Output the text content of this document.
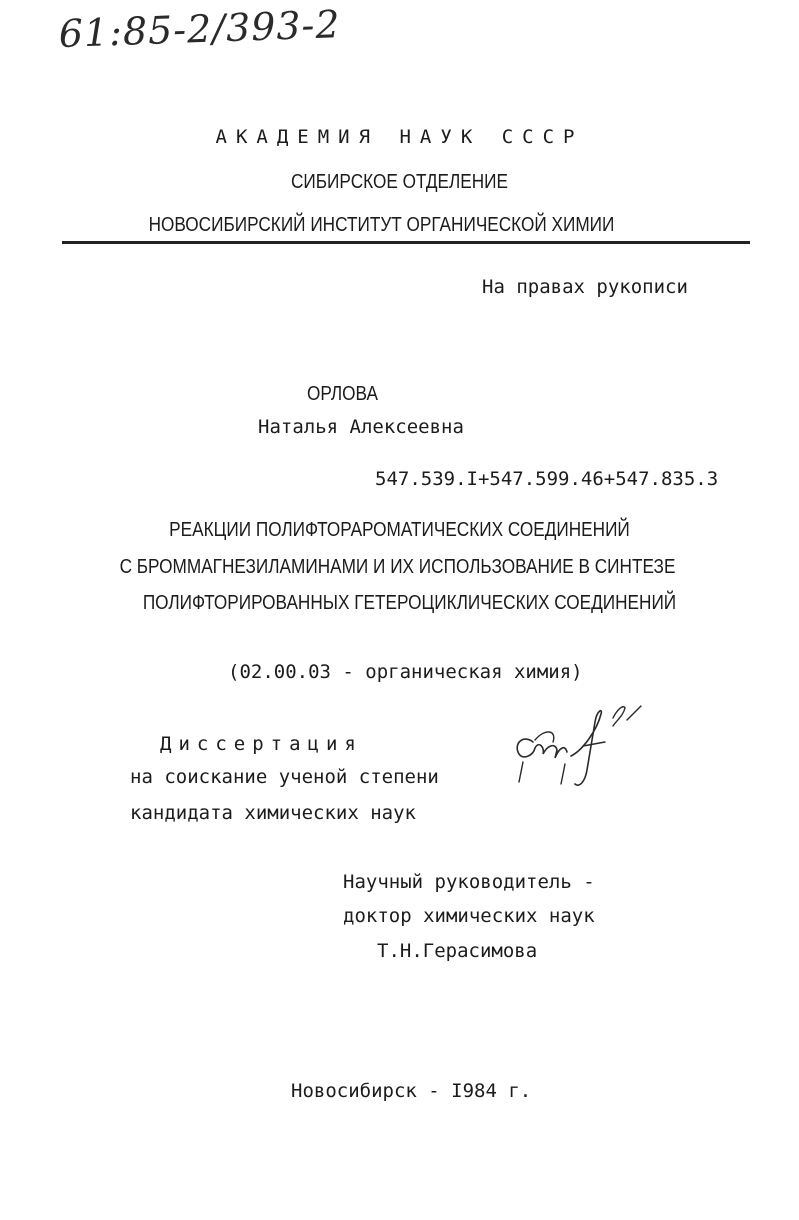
61:85-2/393-2
АКАДЕМИЯ НАУК СССР
СИБИРСКОЕ ОТДЕЛЕНИЕ
НОВОСИБИРСКИЙ ИНСТИТУТ ОРГАНИЧЕСКОЙ ХИМИИ
На правах рукописи
ОРЛОВА
Наталья Алексеевна
547.539.I+547.599.46+547.835.3
РЕАКЦИИ ПОЛИФТОРАРОМАТИЧЕСКИХ СОЕДИНЕНИЙ
С БРОММАГНЕЗИЛАМИНАМИ И ИХ ИСПОЛЬЗОВАНИЕ В СИНТЕЗЕ
ПОЛИФТОРИРОВАННЫХ ГЕТЕРОЦИКЛИЧЕСКИХ СОЕДИНЕНИЙ
(02.00.03 - органическая химия)
Диссертация
на соискание ученой степени
кандидата химических наук
Научный руководитель -
доктор химических наук
Т.Н.Герасимова
Новосибирск - I984 г.
